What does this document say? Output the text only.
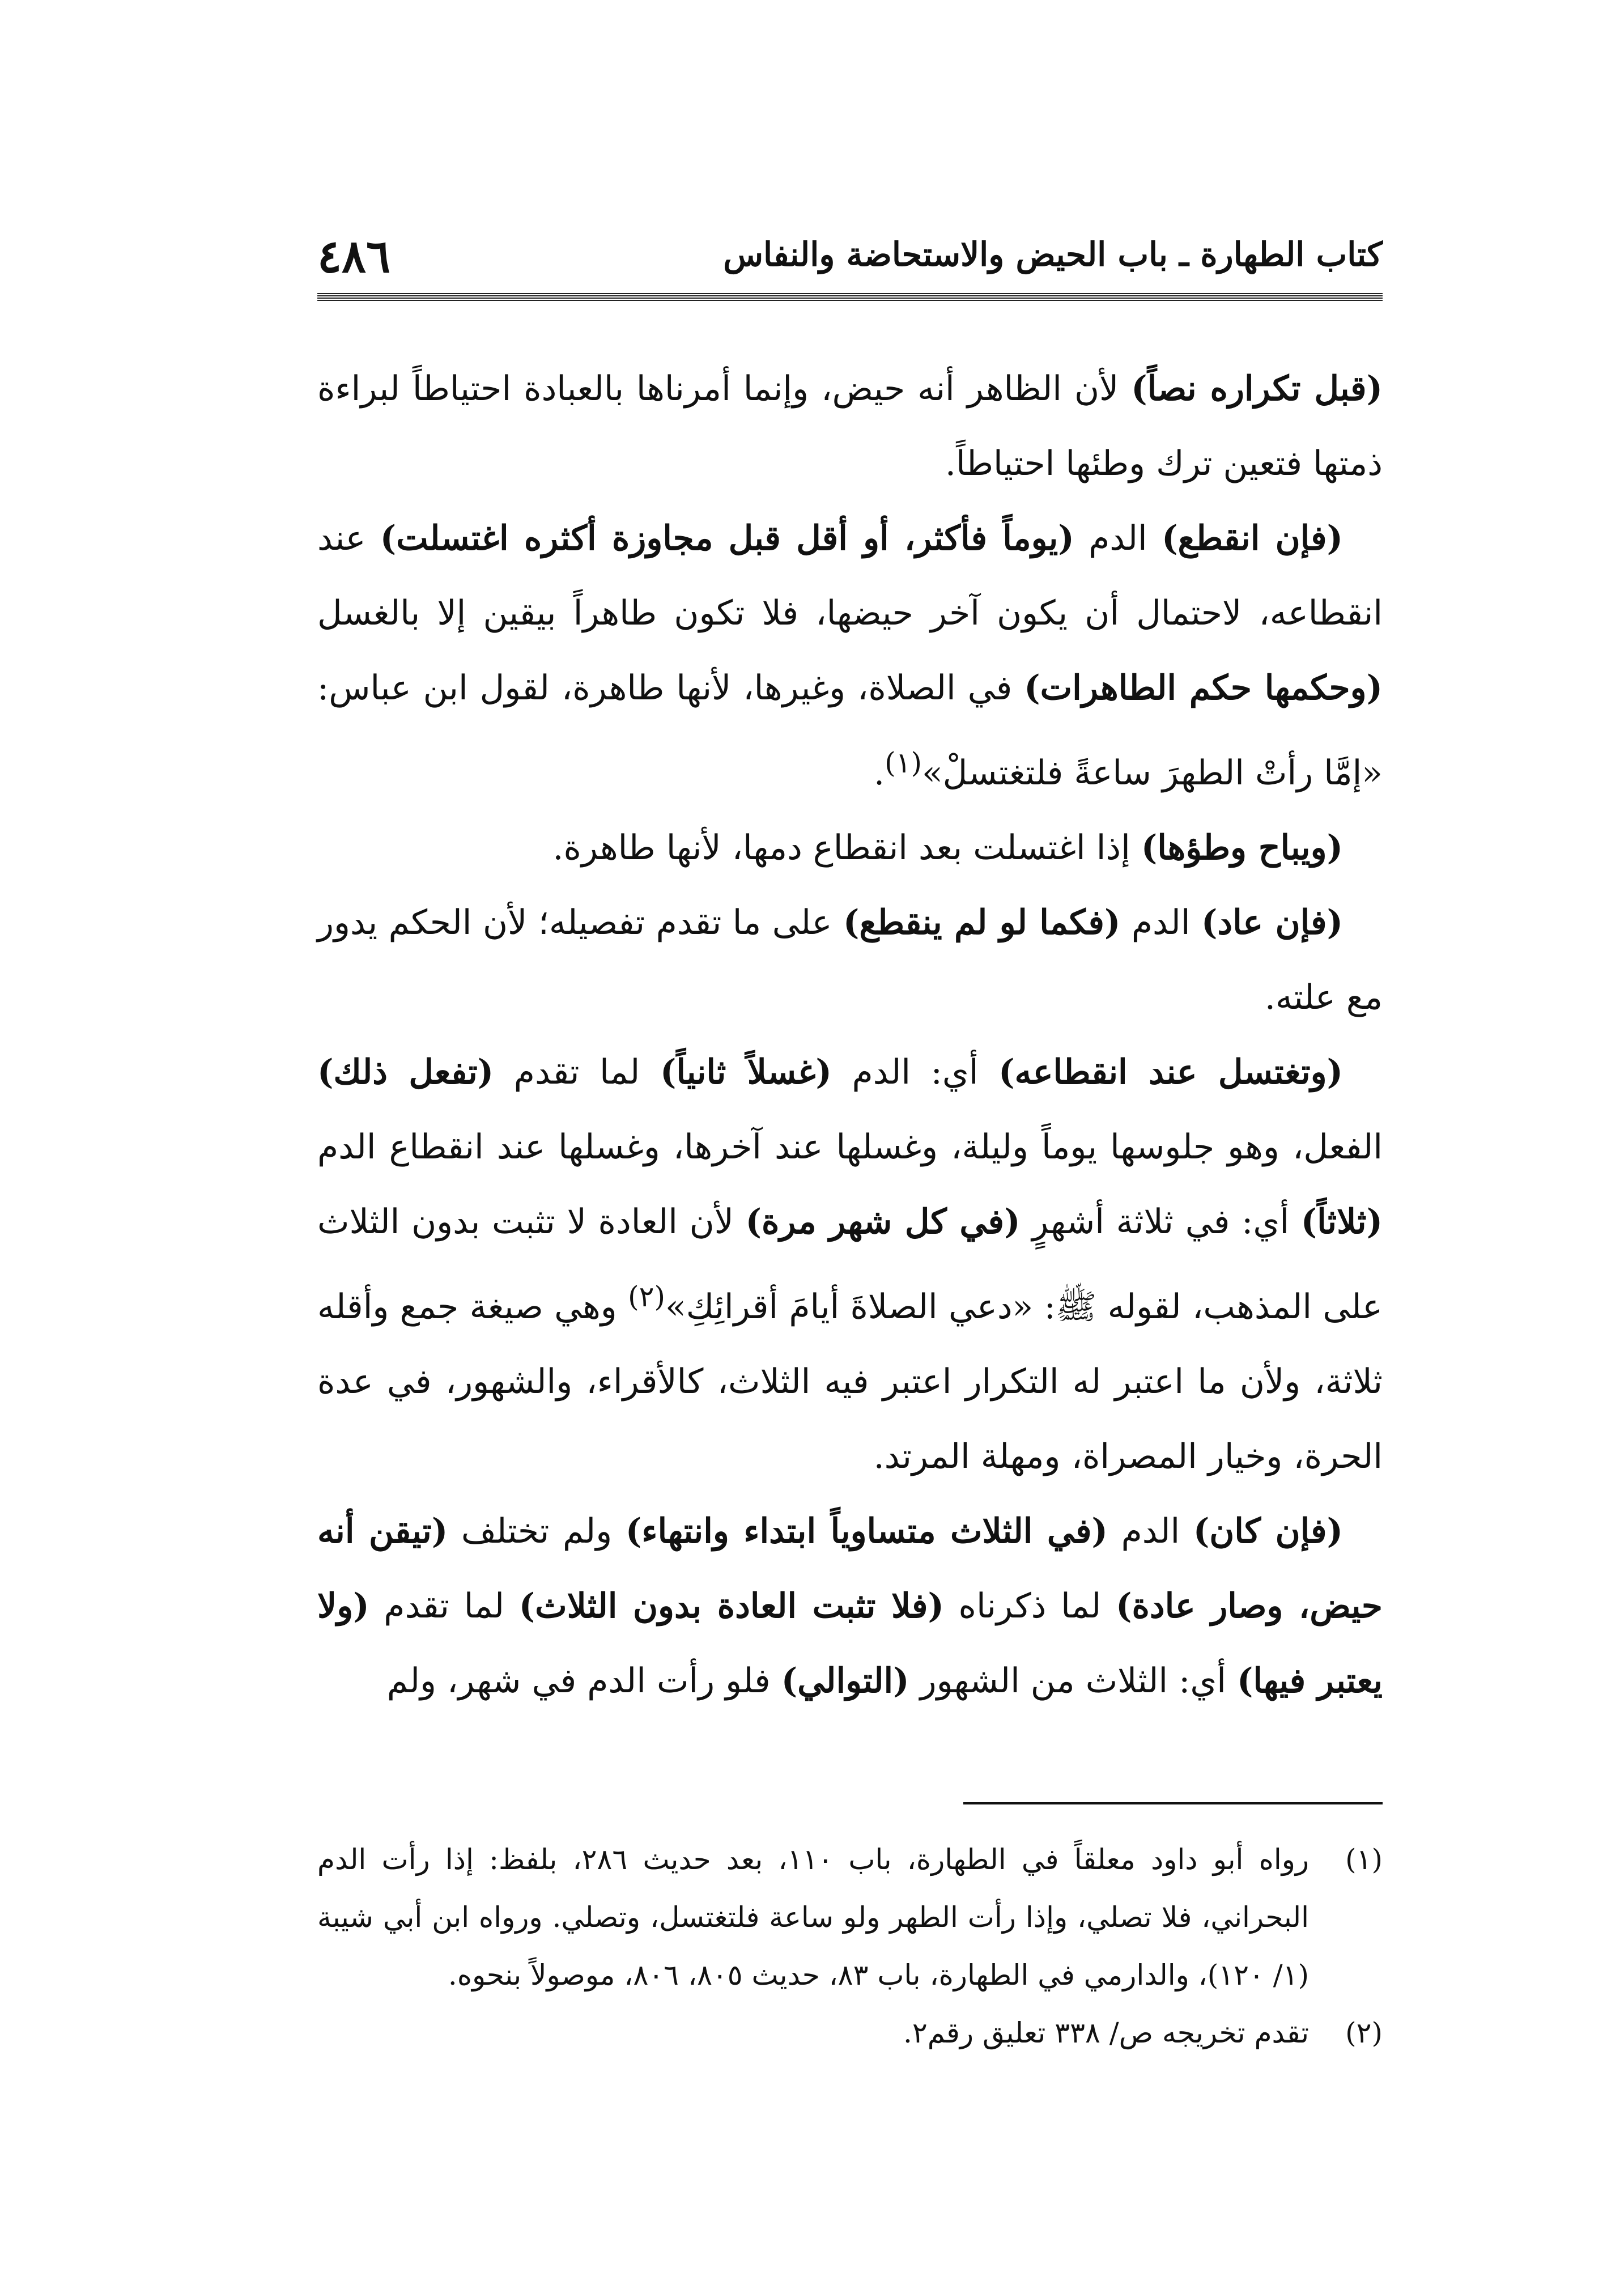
كتاب الطهارة ـ باب الحيض والاستحاضة والنفاس
٤٨٦

(قبل تكراره نصاً) لأن الظاهر أنه حيض، وإنما أمرناها بالعبادة احتياطاً لبراءة ذمتها فتعين ترك وطئها احتياطاً.

(فإن انقطع) الدم (يوماً فأكثر، أو أقل قبل مجاوزة أكثره اغتسلت) عند انقطاعه، لاحتمال أن يكون آخر حيضها، فلا تكون طاهراً بيقين إلا بالغسل (وحكمها حكم الطاهرات) في الصلاة، وغيرها، لأنها طاهرة، لقول ابن عباس: «إمَّا رأتْ الطهرَ ساعةً فلتغتسلْ»$^{(١)}$.

(ويباح وطؤها) إذا اغتسلت بعد انقطاع دمها، لأنها طاهرة.

(فإن عاد) الدم (فكما لو لم ينقطع) على ما تقدم تفصيله؛ لأن الحكم يدور مع علته.

(وتغتسل عند انقطاعه) أي: الدم (غسلاً ثانياً) لما تقدم (تفعل ذلك) الفعل، وهو جلوسها يوماً وليلة، وغسلها عند آخرها، وغسلها عند انقطاع الدم (ثلاثاً) أي: في ثلاثة أشهرٍ (في كل شهر مرة) لأن العادة لا تثبت بدون الثلاث على المذهب، لقوله ﷺ: «دعي الصلاةَ أيامَ أقرائِكِ»$^{(٢)}$ وهي صيغة جمع وأقله ثلاثة، ولأن ما اعتبر له التكرار اعتبر فيه الثلاث، كالأقراء، والشهور، في عدة الحرة، وخيار المصراة، ومهلة المرتد.

(فإن كان) الدم (في الثلاث متساوياً ابتداء وانتهاء) ولم تختلف (تيقن أنه حيض، وصار عادة) لما ذكرناه (فلا تثبت العادة بدون الثلاث) لما تقدم (ولا يعتبر فيها) أي: الثلاث من الشهور (التوالي) فلو رأت الدم في شهر، ولم

(١)
رواه أبو داود معلقاً في الطهارة، باب ١١٠، بعد حديث ٢٨٦، بلفظ: إذا رأت الدم البحراني، فلا تصلي، وإذا رأت الطهر ولو ساعة فلتغتسل، وتصلي. ورواه ابن أبي شيبة (١/ ١٢٠)، والدارمي في الطهارة، باب ٨٣، حديث ٨٠٥، ٨٠٦، موصولاً بنحوه.
(٢)
تقدم تخريجه ص/ ٣٣٨ تعليق رقم٢.
